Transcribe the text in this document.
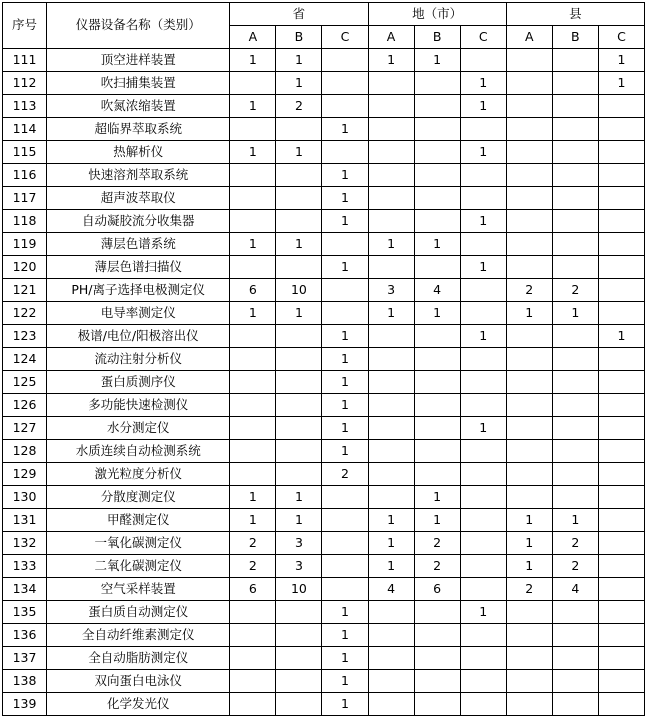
序号	仪器设备名称（类别）	省			地（市）			县		
		A	B	C	A	B	C	A	B	C
111	顶空进样装置	1	1		1	1				1
112	吹扫捕集装置		1				1			1
113	吹氮浓缩装置	1	2				1			
114	超临界萃取系统			1						
115	热解析仪	1	1				1			
116	快速溶剂萃取系统			1						
117	超声波萃取仪			1						
118	自动凝胶流分收集器			1			1			
119	薄层色谱系统	1	1		1	1				
120	薄层色谱扫描仪			1			1			
121	PH/离子选择电极测定仪	6	10		3	4		2	2	
122	电导率测定仪	1	1		1	1		1	1	
123	极谱/电位/阳极溶出仪			1			1			1
124	流动注射分析仪			1						
125	蛋白质测序仪			1						
126	多功能快速检测仪			1						
127	水分测定仪			1			1			
128	水质连续自动检测系统			1						
129	激光粒度分析仪			2						
130	分散度测定仪	1	1			1				
131	甲醛测定仪	1	1		1	1		1	1	
132	一氧化碳测定仪	2	3		1	2		1	2	
133	二氧化碳测定仪	2	3		1	2		1	2	
134	空气采样装置	6	10		4	6		2	4	
135	蛋白质自动测定仪			1			1			
136	全自动纤维素测定仪			1						
137	全自动脂肪测定仪			1						
138	双向蛋白电泳仪			1						
139	化学发光仪			1						
